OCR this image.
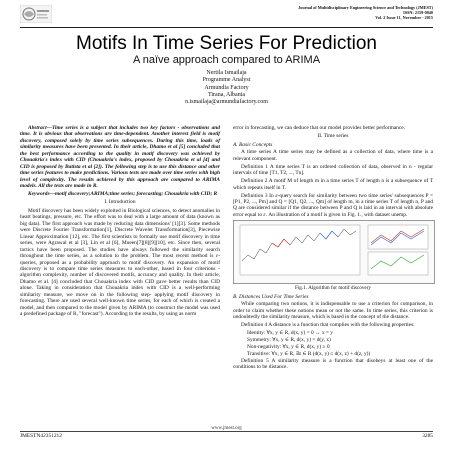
Journal of Multidisciplinary Engineering Science and Technology (JMEST)
ISSN: 2159-0040
Vol. 2 Issue 11, November - 2015
Motifs In Time Series For Prediction
A naïve approach compared to ARIMA
Nertila Ismailaja
Programme Analyst
Armundia Factory
Tirana, Albania
n.ismailaja@armundiafactory.com

Abstract—Time series is a subject that includes two key factors - observations and time. It is obvious that observations are time-dependent. Another interest field is motif discovery, composed solely by time series subsequences. During this time, loads of similarity measures have been presented. In their article, Dhamo et al [5] concluded that the best performance according to the quality in motif discovery was achieved by Chouakria's index with CID (Chouakria's index, proposed by Chouakria et al [4] and CID is proposed by Batista et al [2]). The following step is to use this distance and other time series features to make predictions. Various tests are made over time series with high level of complexity. The results achieved by this approach are compared to ARIMA models. All the tests are made in R.

Keywords—motif discovery;ARIMA;time series; forecasting; Chouakria with CID; R

I. Introduction

Motif discovery has been widely exploited in Biological sciences, to detect anomalies in heart beatings, pressure, etc. The effort was to deal with a large amount of data (known as big data). The first approach was made by reducing data dimensions' [1][3]. Some methods were Discrete Fourier Transformation[1], Discrete Wavelet Transformation[3], Piecewise Linear Approximation [12], etc. The first scientists to formally use motif discovery in time series, were Agrawal et al [3], Lin et al [6], Mueen[7][8][9][10], etc. Since then, several tactics have been proposed. The studies have always followed the similarity search throughout the time series, as a solution to the problem. The most recent method is ε-queries, proposed as a probability approach to motif discovery. An expansion of motif discovery is to compare time series measures to each-other, based in four criterions - algorithm complexity, number of discovered motifs, accuracy and quality. In their article, Dhamo et al. [4] concluded that Chouakria index with CID gave better results than CID alone. Taking in consideration that Chouakria index with CID is a well-performing similarity measure, we move on in the following step- applying motif discovery in forecasting. There are used several well-known time series, for each of which is created a model, and then compared to the model given by ARIMA (to construct the model was used a predefined package of R, "forecast"). According to the results, by using as norm

error in forecasting, we can deduce that our model provides better performance.

II. Time series
A. Basic Concepts

A time series A time series may be defined as a collection of data, where time is a relevant component.

Definition 1 A time series T is an ordered collection of data, observed in n - regular intervals of time [T1, T2, ..., Tn].

Definition 2 A motif M of length m in a time series T of length n is a subsequence of T which repeats itself in T.

Definition 3 In ε-query search for similarity between two time series' subsequences P = [P1, P2, ..., Pm] and Q = [Q1, Q2, ..., Qm] of length m, in a time series T of length n, P and Q are considered similar if the distance between P and Q is laid in an interval with absolute error equal to ε. An illustration of a motif is given in Fig. 1., with dataset unemp.

Fig.1. Algorithm for motif discovery
B. Distances Used For Time Series

While comparing two notions, it is indispensable to use a criterion for comparison, in order to claim whether these notions mean or not the same. In time series, this criterion is undoubtedly the similarity measure, which is based in the concept of the distance.

Definition 4 A distance is a function that complies with the following properties:

Identity: ∀x, y ∈ R, d(x, y) = 0 ↔ x = y
Symmetry: ∀x, y ∈ R, d(x, y) = d(y, x)
Non-negativity: ∀x, y ∈ R, d(x, y) ≥ 0
Transitive: ∀x, y ∈ R, ∃z ∈ R (d(x, y) ≤ d(x, z) + d(z, y))

Definition 5 A similarity measure is a function that disobeys at least one of the conditions to be distance.

www.jmest.org
JMESTN42351212	3285
